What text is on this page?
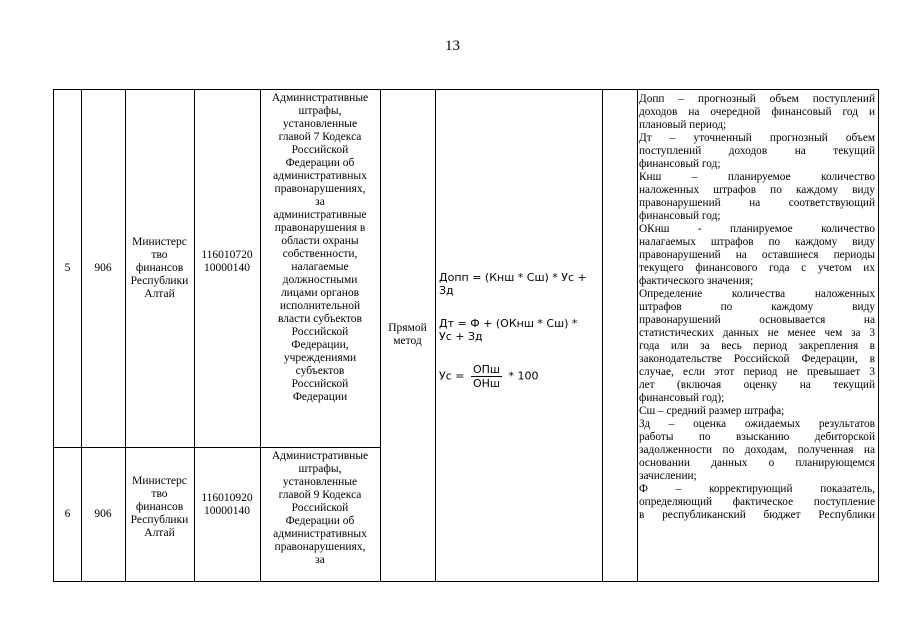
13
5	906
Министерс
тво
финансов
Республики
Алтай
116010720
10000140
Административные
штрафы,
установленные
главой 7 Кодекса
Российской
Федерации об
административных
правонарушениях,
за
административные
правонарушения в
области охраны
собственности,
налагаемые
должностными
лицами органов
исполнительной
власти субъектов
Российской
Федерации,
учреждениями
субъектов
Российской
Федерации
6	906
Министерс
тво
финансов
Республики
Алтай
116010920
10000140
Административные
штрафы,
установленные
главой 9 Кодекса
Российской
Федерации об
административных
правонарушениях,
за
Прямой
метод
Допп = (Кнш * Сш) * Ус +
Зд
Дт = Ф + (ОКнш * Сш) *
Ус + Зд
Ус = $\frac{\text{ОПш}}{\text{ОНш}} * 100$
Допп – прогнозный объем поступлений
доходов на очередной финансовый год и
плановый период;
Дт – уточненный прогнозный объем
поступлений доходов на текущий
финансовый год;
Кнш – планируемое количество
наложенных штрафов по каждому виду
правонарушений на соответствующий
финансовый год;
ОКнш - планируемое количество
налагаемых штрафов по каждому виду
правонарушений на оставшиеся периоды
текущего финансового года с учетом их
фактического значения;
Определение количества наложенных
штрафов по каждому виду
правонарушений основывается на
статистических данных не менее чем за 3
года или за весь период закрепления в
законодательстве Российской Федерации, в
случае, если этот период не превышает 3
лет (включая оценку на текущий
финансовый год);
Сш – средний размер штрафа;
Зд – оценка ожидаемых результатов
работы по взысканию дебиторской
задолженности по доходам, полученная на
основании данных о планирующемся
зачислении;
Ф – корректирующий показатель,
определяющий фактическое поступление
в республиканский бюджет Республики
